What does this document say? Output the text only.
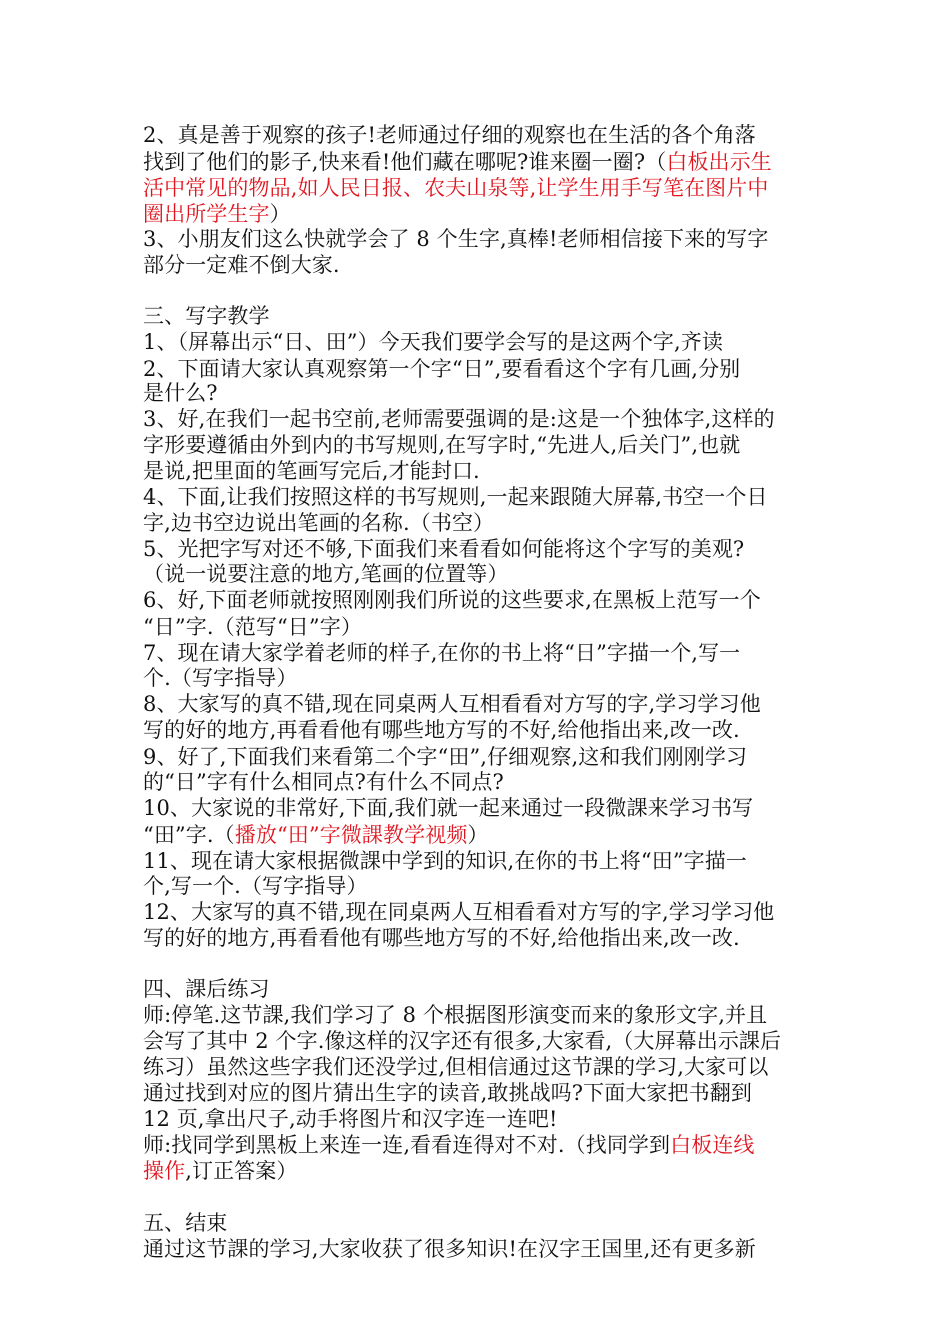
2、真是善于观察的孩子!老师通过仔细的观察也在生活的各个角落
找到了他们的影子,快来看!他们藏在哪呢?谁来圈一圈?（白板出示生
活中常见的物品,如人民日报、农夫山泉等,让学生用手写笔在图片中
圈出所学生字）
3、小朋友们这么快就学会了 8 个生字,真棒!老师相信接下来的写字
部分一定难不倒大家.
三、写字教学
1、（屏幕出示“日、田”）今天我们要学会写的是这两个字,齐读
2、下面请大家认真观察第一个字“日”,要看看这个字有几画,分别
是什么?
3、好,在我们一起书空前,老师需要强调的是:这是一个独体字,这样的
字形要遵循由外到内的书写规则,在写字时,“先进人,后关门”,也就
是说,把里面的笔画写完后,才能封口.
4、下面,让我们按照这样的书写规则,一起来跟随大屏幕,书空一个日
字,边书空边说出笔画的名称.（书空）
5、光把字写对还不够,下面我们来看看如何能将这个字写的美观?
（说一说要注意的地方,笔画的位置等）
6、好,下面老师就按照刚刚我们所说的这些要求,在黑板上范写一个
“日”字.（范写“日”字）
7、现在请大家学着老师的样子,在你的书上将“日”字描一个,写一
个.（写字指导）
8、大家写的真不错,现在同桌两人互相看看对方写的字,学习学习他
写的好的地方,再看看他有哪些地方写的不好,给他指出来,改一改.
9、好了,下面我们来看第二个字“田”,仔细观察,这和我们刚刚学习
的“日”字有什么相同点?有什么不同点?
10、大家说的非常好,下面,我们就一起来通过一段微課来学习书写
“田”字.（播放“田”字微課教学视频）
11、现在请大家根据微課中学到的知识,在你的书上将“田”字描一
个,写一个.（写字指导）
12、大家写的真不错,现在同桌两人互相看看对方写的字,学习学习他
写的好的地方,再看看他有哪些地方写的不好,给他指出来,改一改.
四、課后练习
师:停笔.这节課,我们学习了 8 个根据图形演变而来的象形文字,并且
会写了其中 2 个字.像这样的汉字还有很多,大家看,（大屏幕出示課后
练习）虽然这些字我们还没学过,但相信通过这节課的学习,大家可以
通过找到对应的图片猜出生字的读音,敢挑战吗?下面大家把书翻到
12 页,拿出尺子,动手将图片和汉字连一连吧!
师:找同学到黑板上来连一连,看看连得对不对.（找同学到白板连线
操作,订正答案）
五、结束
通过这节課的学习,大家收获了很多知识!在汉字王国里,还有更多新
